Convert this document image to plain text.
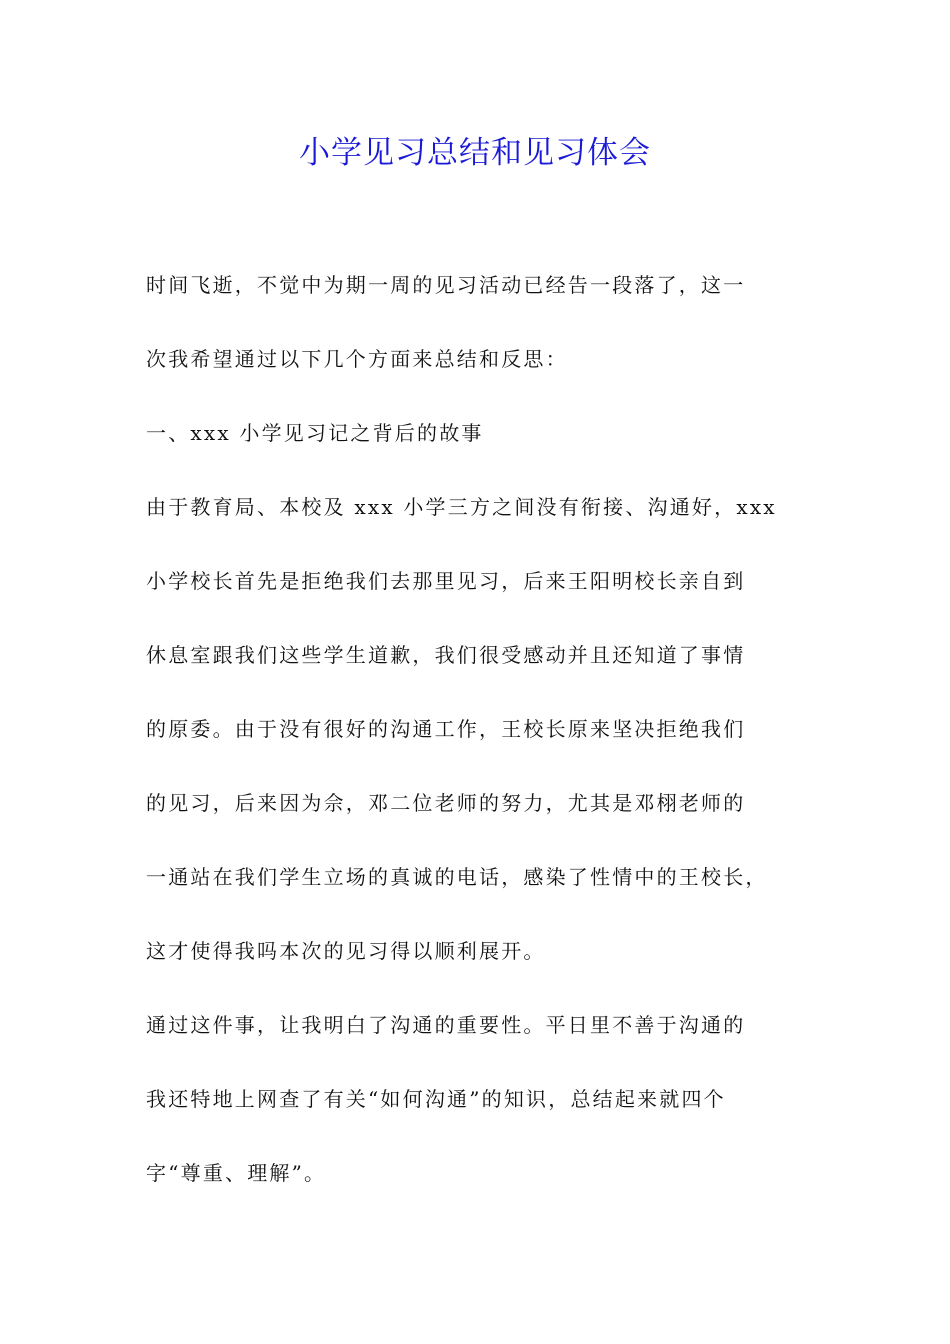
小学见习总结和见习体会
时间飞逝，不觉中为期一周的见习活动已经告一段落了，这一
次我希望通过以下几个方面来总结和反思：
一、xxx 小学见习记之背后的故事
由于教育局、本校及 xxx 小学三方之间没有衔接、沟通好，xxx
小学校长首先是拒绝我们去那里见习，后来王阳明校长亲自到
休息室跟我们这些学生道歉，我们很受感动并且还知道了事情
的原委。由于没有很好的沟通工作，王校长原来坚决拒绝我们
的见习，后来因为佘，邓二位老师的努力，尤其是邓栩老师的
一通站在我们学生立场的真诚的电话，感染了性情中的王校长，
这才使得我吗本次的见习得以顺利展开。
通过这件事，让我明白了沟通的重要性。平日里不善于沟通的
我还特地上网查了有关“如何沟通”的知识，总结起来就四个
字“尊重、理解”。
